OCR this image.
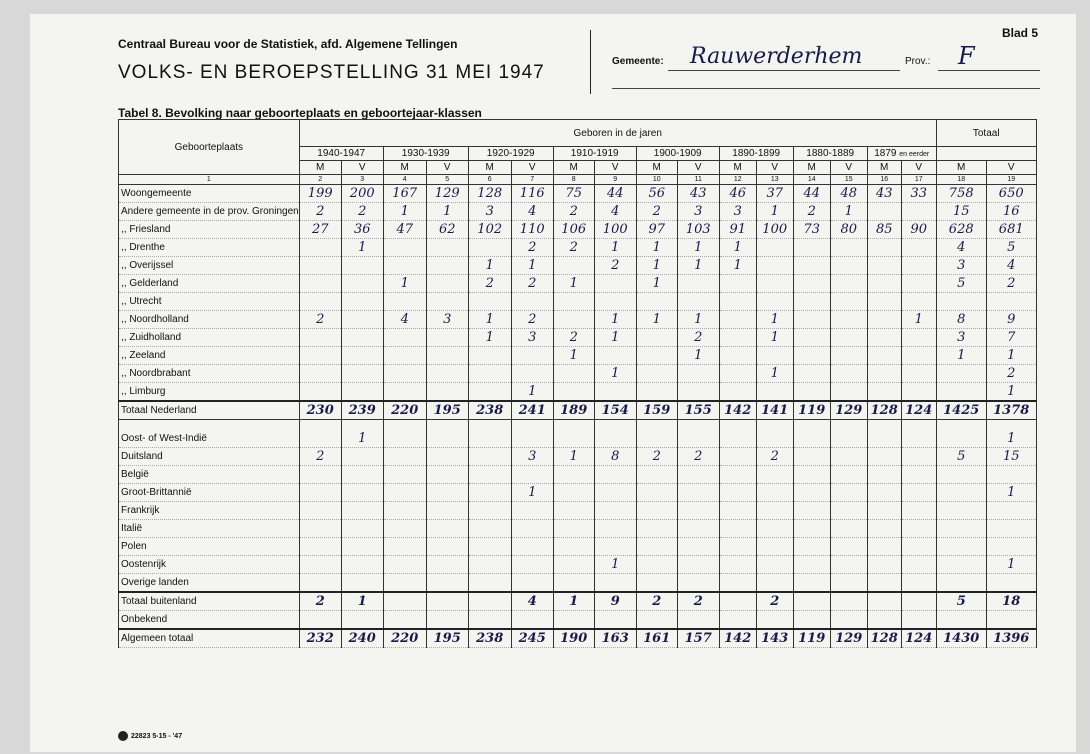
Centraal Bureau voor de Statistiek, afd. Algemene Tellingen
VOLKS- EN BEROEPSTELLING 31 MEI 1947
Blad 5
Gemeente: Rauwerderhem	Prov.: F
Tabel 8. Bevolking naar geboorteplaats en geboortejaar-klassen
Geboorteplaats	Geboren in de jaren																Totaal	
	1940-1947		1930-1939		1920-1929		1910-1919		1900-1909		1890-1899		1880-1889		1879 en eerder			
	M	V	M	V	M	V	M	V	M	V	M	V	M	V	M	V	M	V
1	2	3	4	5	6	7	8	9	10	11	12	13	14	15	16	17	18	19
Woongemeente	199	200	167	129	128	116	75	44	56	43	46	37	44	48	43	33	758	650
Andere gemeente in de prov. Groningen	2	2	1	1	3	4	2	4	2	3	3	1	2	1			15	16
,, Friesland	27	36	47	62	102	110	106	100	97	103	91	100	73	80	85	90	628	681
,, Drenthe		1				2	2	1	1	1	1						4	5
,, Overijssel					1	1		2	1	1	1						3	4
,, Gelderland			1		2	2	1		1								5	2
,, Utrecht																		
,, Noordholland	2		4	3	1	2		1	1	1		1				1	8	9
,, Zuidholland					1	3	2	1		2		1					3	7
,, Zeeland							1			1							1	1
,, Noordbrabant								1				1						2
,, Limburg						1												1
Totaal Nederland	230	239	220	195	238	241	189	154	159	155	142	141	119	129	128	124	1425	1378

Oost- of West-Indië		1																1
Duitsland	2					3	1	8	2	2		2					5	15
België																		
Groot-Brittannië						1												1
Frankrijk																		
Italië																		
Polen																		
Oostenrijk								1										1
Overige landen																		
Totaal buitenland	2	1				4	1	9	2	2		2					5	18
Onbekend																		
Algemeen totaal	232	240	220	195	238	245	190	163	161	157	142	143	119	129	128	124	1430	1396
22823 5-15 - '47
